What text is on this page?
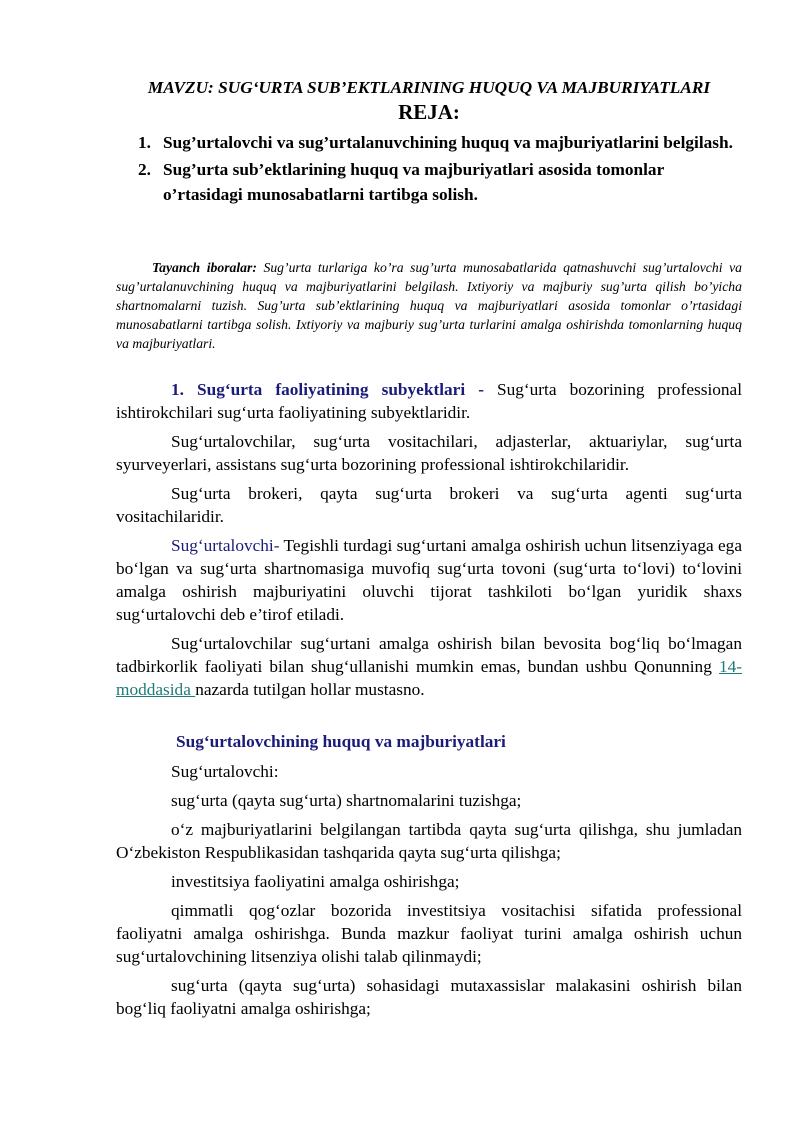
MAVZU: SUG‘URTA SUB’EKTLARINING HUQUQ VA MAJBURIYATLARI
REJA:
1. Sug’urtalovchi va sug’urtalanuvchining huquq va majburiyatlarini belgilash.
2. Sug’urta sub’ektlarining huquq va majburiyatlari asosida tomonlar o’rtasidagi munosabatlarni tartibga solish.
Tayanch iboralar: Sug’urta turlariga ko’ra sug’urta munosabatlarida qatnashuvchi sug’urtalovchi va sug’urtalanuvchining huquq va majburiyatlarini belgilash. Ixtiyoriy va majburiy sug’urta qilish bo’yicha shartnomalarni tuzish. Sug’urta sub’ektlarining huquq va majburiyatlari asosida tomonlar o’rtasidagi munosabatlarni tartibga solish. Ixtiyoriy va majburiy sug’urta turlarini amalga oshirishda tomonlarning huquq va majburiyatlari.

1. Sug‘urta faoliyatining subyektlari - Sug‘urta bozorining professional ishtirokchilari sug‘urta faoliyatining subyektlaridir.

Sug‘urtalovchilar, sug‘urta vositachilari, adjasterlar, aktuariylar, sug‘urta syurveyerlari, assistans sug‘urta bozorining professional ishtirokchilaridir.

Sug‘urta brokeri, qayta sug‘urta brokeri va sug‘urta agenti sug‘urta vositachilaridir.

Sug‘urtalovchi- Tegishli turdagi sug‘urtani amalga oshirish uchun litsenziyaga ega bo‘lgan va sug‘urta shartnomasiga muvofiq sug‘urta tovoni (sug‘urta to‘lovi) to‘lovini amalga oshirish majburiyatini oluvchi tijorat tashkiloti bo‘lgan yuridik shaxs sug‘urtalovchi deb e’tirof etiladi.

Sug‘urtalovchilar sug‘urtani amalga oshirish bilan bevosita bog‘liq bo‘lmagan tadbirkorlik faoliyati bilan shug‘ullanishi mumkin emas, bundan ushbu Qonunning 14-moddasida nazarda tutilgan hollar mustasno.

Sug‘urtalovchining huquq va majburiyatlari

Sug‘urtalovchi:

sug‘urta (qayta sug‘urta) shartnomalarini tuzishga;

o‘z majburiyatlarini belgilangan tartibda qayta sug‘urta qilishga, shu jumladan O‘zbekiston Respublikasidan tashqarida qayta sug‘urta qilishga;

investitsiya faoliyatini amalga oshirishga;

qimmatli qog‘ozlar bozorida investitsiya vositachisi sifatida professional faoliyatni amalga oshirishga. Bunda mazkur faoliyat turini amalga oshirish uchun sug‘urtalovchining litsenziya olishi talab qilinmaydi;

sug‘urta (qayta sug‘urta) sohasidagi mutaxassislar malakasini oshirish bilan bog‘liq faoliyatni amalga oshirishga;
